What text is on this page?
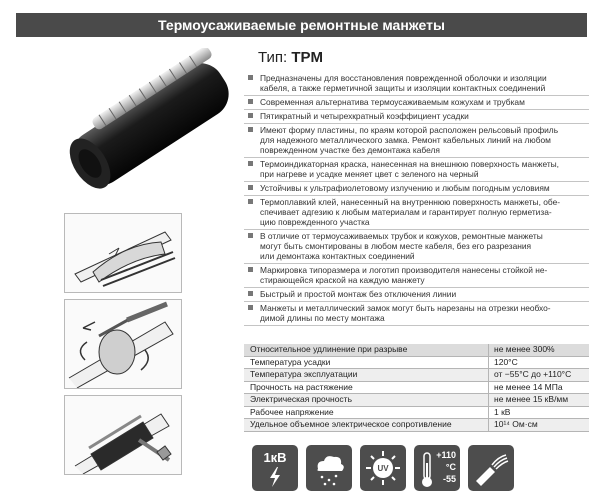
Термоусаживаемые ремонтные манжеты
Тип: TPM
Предназначены для восстановления поврежденной оболочки и изоляции
кабеля, а также герметичной защиты и изоляции контактных соединений
Современная альтернатива термоусаживаемым кожухам и трубкам
Пятикратный и четырехкратный коэффициент усадки
Имеют форму пластины, по краям которой расположен рельсовый профиль
для надежного металлического замка. Ремонт кабельных линий на любом
поврежденном участке без демонтажа кабеля
Термоиндикаторная краска, нанесенная на внешнюю поверхность манжеты,
при нагреве и усадке меняет цвет с зеленого на черный
Устойчивы к ультрафиолетовому излучению и любым погодным условиям
Термоплавкий клей, нанесенный на внутреннюю поверхность манжеты, обе-
спечивает адгезию к любым материалам и гарантирует полную герметиза-
цию поврежденного участка
В отличие от термоусаживаемых трубок и кожухов, ремонтные манжеты
могут быть смонтированы в любом месте кабеля, без его разрезания
или демонтажа контактных соединений
Маркировка типоразмера и логотип производителя нанесены стойкой не-
стирающейся краской на каждую манжету
Быстрый и простой монтаж без отключения линии
Манжеты и металлический замок могут быть нарезаны на отрезки необхо-
димой длины по месту монтажа
Относительное удлинение при разрыве	не менее 300%
Температура усадки	120°С
Температура эксплуатации	от −55°С до +110°С
Прочность на растяжение	не менее 14 МПа
Электрическая прочность	не менее 15 кВ/мм
Рабочее напряжение	1 кВ
Удельное объемное электрическое сопротивление	10¹⁴ Ом·см
1кВ
UV
+110
°C
-55
